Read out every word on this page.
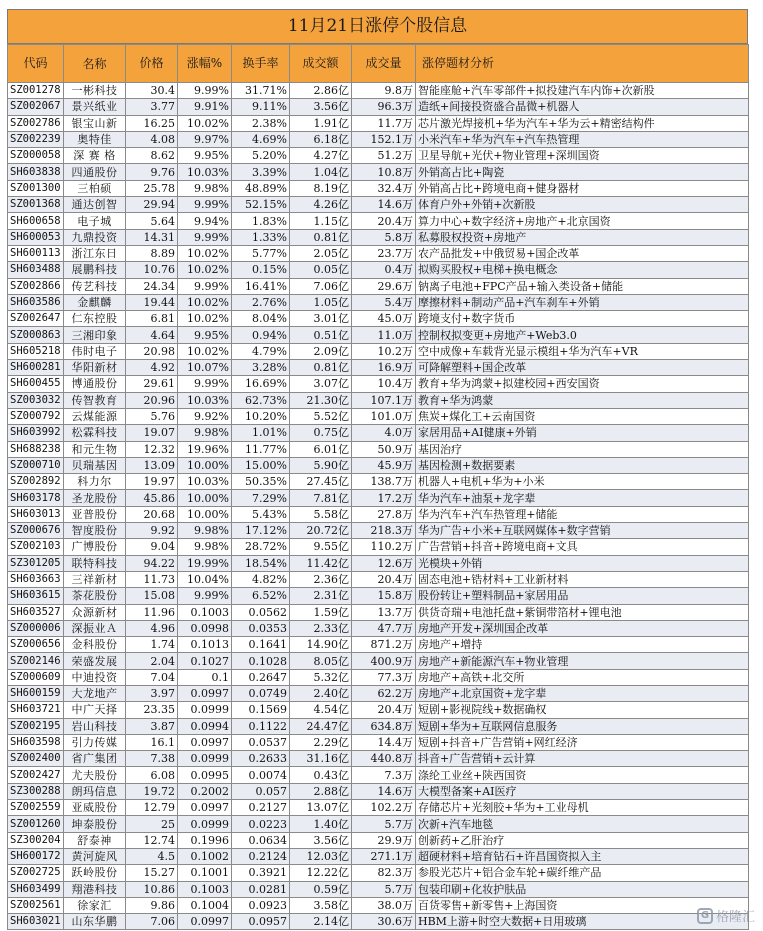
11月21日涨停个股信息
代码	名称	价格	涨幅%	换手率	成交额	成交量	涨停题材分析
SZ001278	一彬科技	30.4	9.99%	31.71%	2.86亿	9.8万	智能座舱+汽车零部件+拟投建汽车内饰+次新股
SZ002067	景兴纸业	3.77	9.91%	9.11%	3.56亿	96.3万	造纸+间接投资盛合晶微+机器人
SZ002786	银宝山新	16.25	10.02%	2.38%	1.91亿	11.7万	芯片激光焊接机+华为汽车+华为云+精密结构件
SZ002239	奥特佳	4.08	9.97%	4.69%	6.18亿	152.1万	小米汽车+华为汽车+汽车热管理
SZ000058	深 赛 格	8.62	9.95%	5.20%	4.27亿	51.2万	卫星导航+光伏+物业管理+深圳国资
SH603838	四通股份	9.76	10.03%	3.39%	1.04亿	10.8万	外销高占比+陶瓷
SZ001300	三柏硕	25.78	9.98%	48.89%	8.19亿	32.4万	外销高占比+跨境电商+健身器材
SZ001368	通达创智	29.94	9.99%	52.15%	4.26亿	14.6万	体育户外+外销+次新股
SH600658	电子城	5.64	9.94%	1.83%	1.15亿	20.4万	算力中心+数字经济+房地产+北京国资
SH600053	九鼎投资	14.31	9.99%	1.33%	0.81亿	5.8万	私募股权投资+房地产
SH600113	浙江东日	8.89	10.02%	5.77%	2.05亿	23.7万	农产品批发+中俄贸易+国企改革
SH603488	展鹏科技	10.76	10.02%	0.15%	0.05亿	0.4万	拟购买股权+电梯+换电概念
SZ002866	传艺科技	24.34	9.99%	16.41%	7.06亿	29.6万	钠离子电池+FPC产品+输入类设备+储能
SH603586	金麒麟	19.44	10.02%	2.76%	1.05亿	5.4万	摩擦材料+制动产品+汽车刹车+外销
SZ002647	仁东控股	6.81	10.02%	8.04%	3.01亿	45.0万	跨境支付+数字货币
SZ000863	三湘印象	4.64	9.95%	0.94%	0.51亿	11.0万	控制权拟变更+房地产+Web3.0
SH605218	伟时电子	20.98	10.02%	4.79%	2.09亿	10.2万	空中成像+车载背光显示模组+华为汽车+VR
SH600281	华阳新材	4.92	10.07%	3.28%	0.81亿	16.9万	可降解塑料+国企改革
SH600455	博通股份	29.61	9.99%	16.69%	3.07亿	10.4万	教育+华为鸿蒙+拟建校园+西安国资
SZ003032	传智教育	20.96	10.03%	62.73%	21.30亿	107.1万	教育+华为鸿蒙
SZ000792	云煤能源	5.76	9.92%	10.20%	5.52亿	101.0万	焦炭+煤化工+云南国资
SH603992	松霖科技	19.07	9.98%	1.01%	0.75亿	4.0万	家居用品+AI健康+外销
SH688238	和元生物	12.32	19.96%	11.77%	6.01亿	50.9万	基因治疗
SZ000710	贝瑞基因	13.09	10.00%	15.00%	5.90亿	45.9万	基因检测+数据要素
SZ002892	科力尔	19.97	10.03%	50.35%	27.45亿	138.7万	机器人+电机+华为+小米
SH603178	圣龙股份	45.86	10.00%	7.29%	7.81亿	17.2万	华为汽车+油泵+龙字辈
SH603013	亚普股份	20.68	10.00%	5.43%	5.58亿	27.8万	华为汽车+汽车热管理+储能
SZ000676	智度股份	9.92	9.98%	17.12%	20.72亿	218.3万	华为广告+小米+互联网媒体+数字营销
SZ002103	广博股份	9.04	9.98%	28.72%	9.55亿	110.2万	广告营销+抖音+跨境电商+文具
SZ301205	联特科技	94.22	19.99%	18.54%	11.42亿	12.6万	光模块+外销
SH603663	三祥新材	11.73	10.04%	4.82%	2.36亿	20.4万	固态电池+锆材料+工业新材料
SH603615	茶花股份	15.08	9.99%	6.52%	2.31亿	15.8万	股份转让+塑料制品+家居用品
SH603527	众源新材	11.96	0.1003	0.0562	1.59亿	13.7万	供货奇瑞+电池托盘+紫铜带箔材+锂电池
SZ000006	深振业Ａ	4.96	0.0998	0.0353	2.33亿	47.7万	房地产开发+深圳国企改革
SZ000656	金科股份	1.74	0.1013	0.1641	14.90亿	871.2万	房地产+增持
SZ002146	荣盛发展	2.04	0.1027	0.1028	8.05亿	400.9万	房地产+新能源汽车+物业管理
SZ000609	中迪投资	7.04	0.1	0.2647	5.32亿	77.3万	房地产+高铁+北交所
SH600159	大龙地产	3.97	0.0997	0.0749	2.40亿	62.2万	房地产+北京国资+龙字辈
SH603721	中广天择	23.35	0.0999	0.1569	4.54亿	20.4万	短剧+影视院线+数据确权
SZ002195	岩山科技	3.87	0.0994	0.1122	24.47亿	634.8万	短剧+华为+互联网信息服务
SH603598	引力传媒	16.1	0.0997	0.0537	2.29亿	14.4万	短剧+抖音+广告营销+网红经济
SZ002400	省广集团	7.38	0.0999	0.2633	31.16亿	440.8万	抖音+广告营销+云计算
SZ002427	尤夫股份	6.08	0.0995	0.0074	0.43亿	7.3万	涤纶工业丝+陕西国资
SZ300288	朗玛信息	19.72	0.2002	0.057	2.88亿	14.6万	大模型备案+AI医疗
SZ002559	亚威股份	12.79	0.0997	0.2127	13.07亿	102.2万	存储芯片+光刻胶+华为+工业母机
SZ001260	坤泰股份	25	0.0999	0.0223	1.40亿	5.7万	次新+汽车地毯
SZ300204	舒泰神	12.74	0.1996	0.0634	3.56亿	29.9万	创新药+乙肝治疗
SH600172	黄河旋风	4.5	0.1002	0.2124	12.03亿	271.1万	超硬材料+培育钻石+许昌国资拟入主
SZ002725	跃岭股份	15.27	0.1001	0.3921	12.22亿	82.3万	参股光芯片+铝合金车轮+碳纤维产品
SH603499	翔港科技	10.86	0.1003	0.0281	0.59亿	5.7万	包装印刷+化妆护肤品
SZ002561	徐家汇	9.86	0.1004	0.0923	3.58亿	38.0万	百货零售+新零售+上海国资
SH603021	山东华鹏	7.06	0.0997	0.0957	2.14亿	30.6万	HBM上游+时空大数据+日用玻璃	G 格隆汇
